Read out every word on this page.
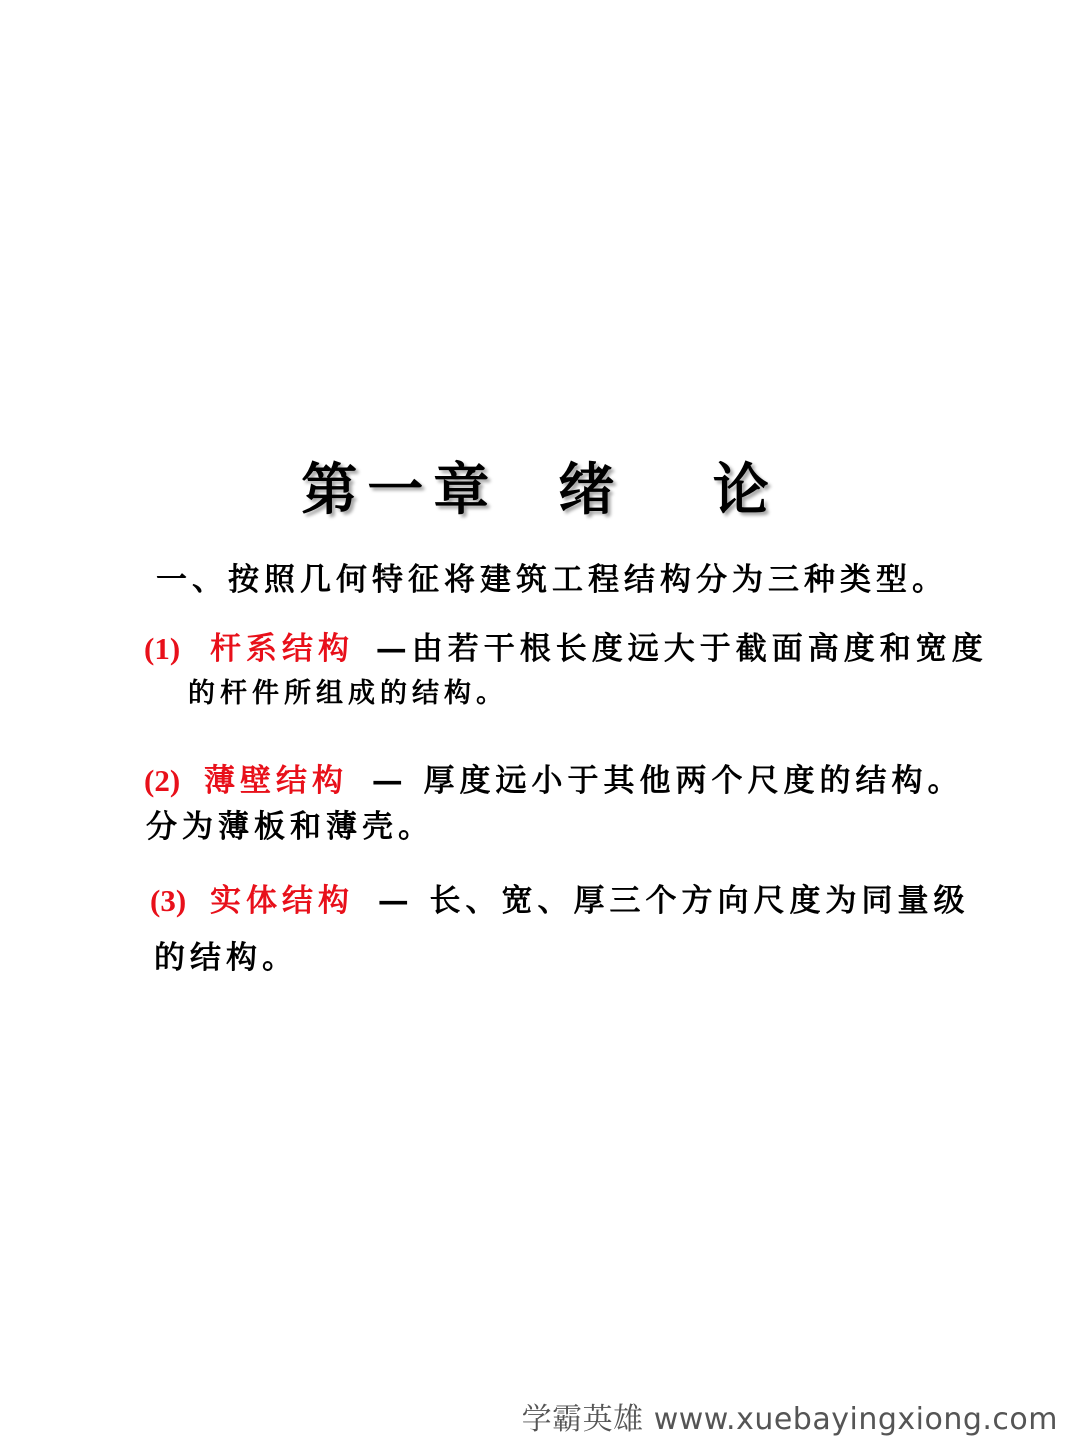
第一章  绪   论
一、按照几何特征将建筑工程结构分为三种类型。
(1) 杆系结构 —由若干根长度远大于截面高度和宽度
的杆件所组成的结构。
(2) 薄壁结构 — 厚度远小于其他两个尺度的结构。
分为薄板和薄壳。
(3) 实体结构 — 长、宽、厚三个方向尺度为同量级
的结构。
学霸英雄 www.xuebayingxiong.com
